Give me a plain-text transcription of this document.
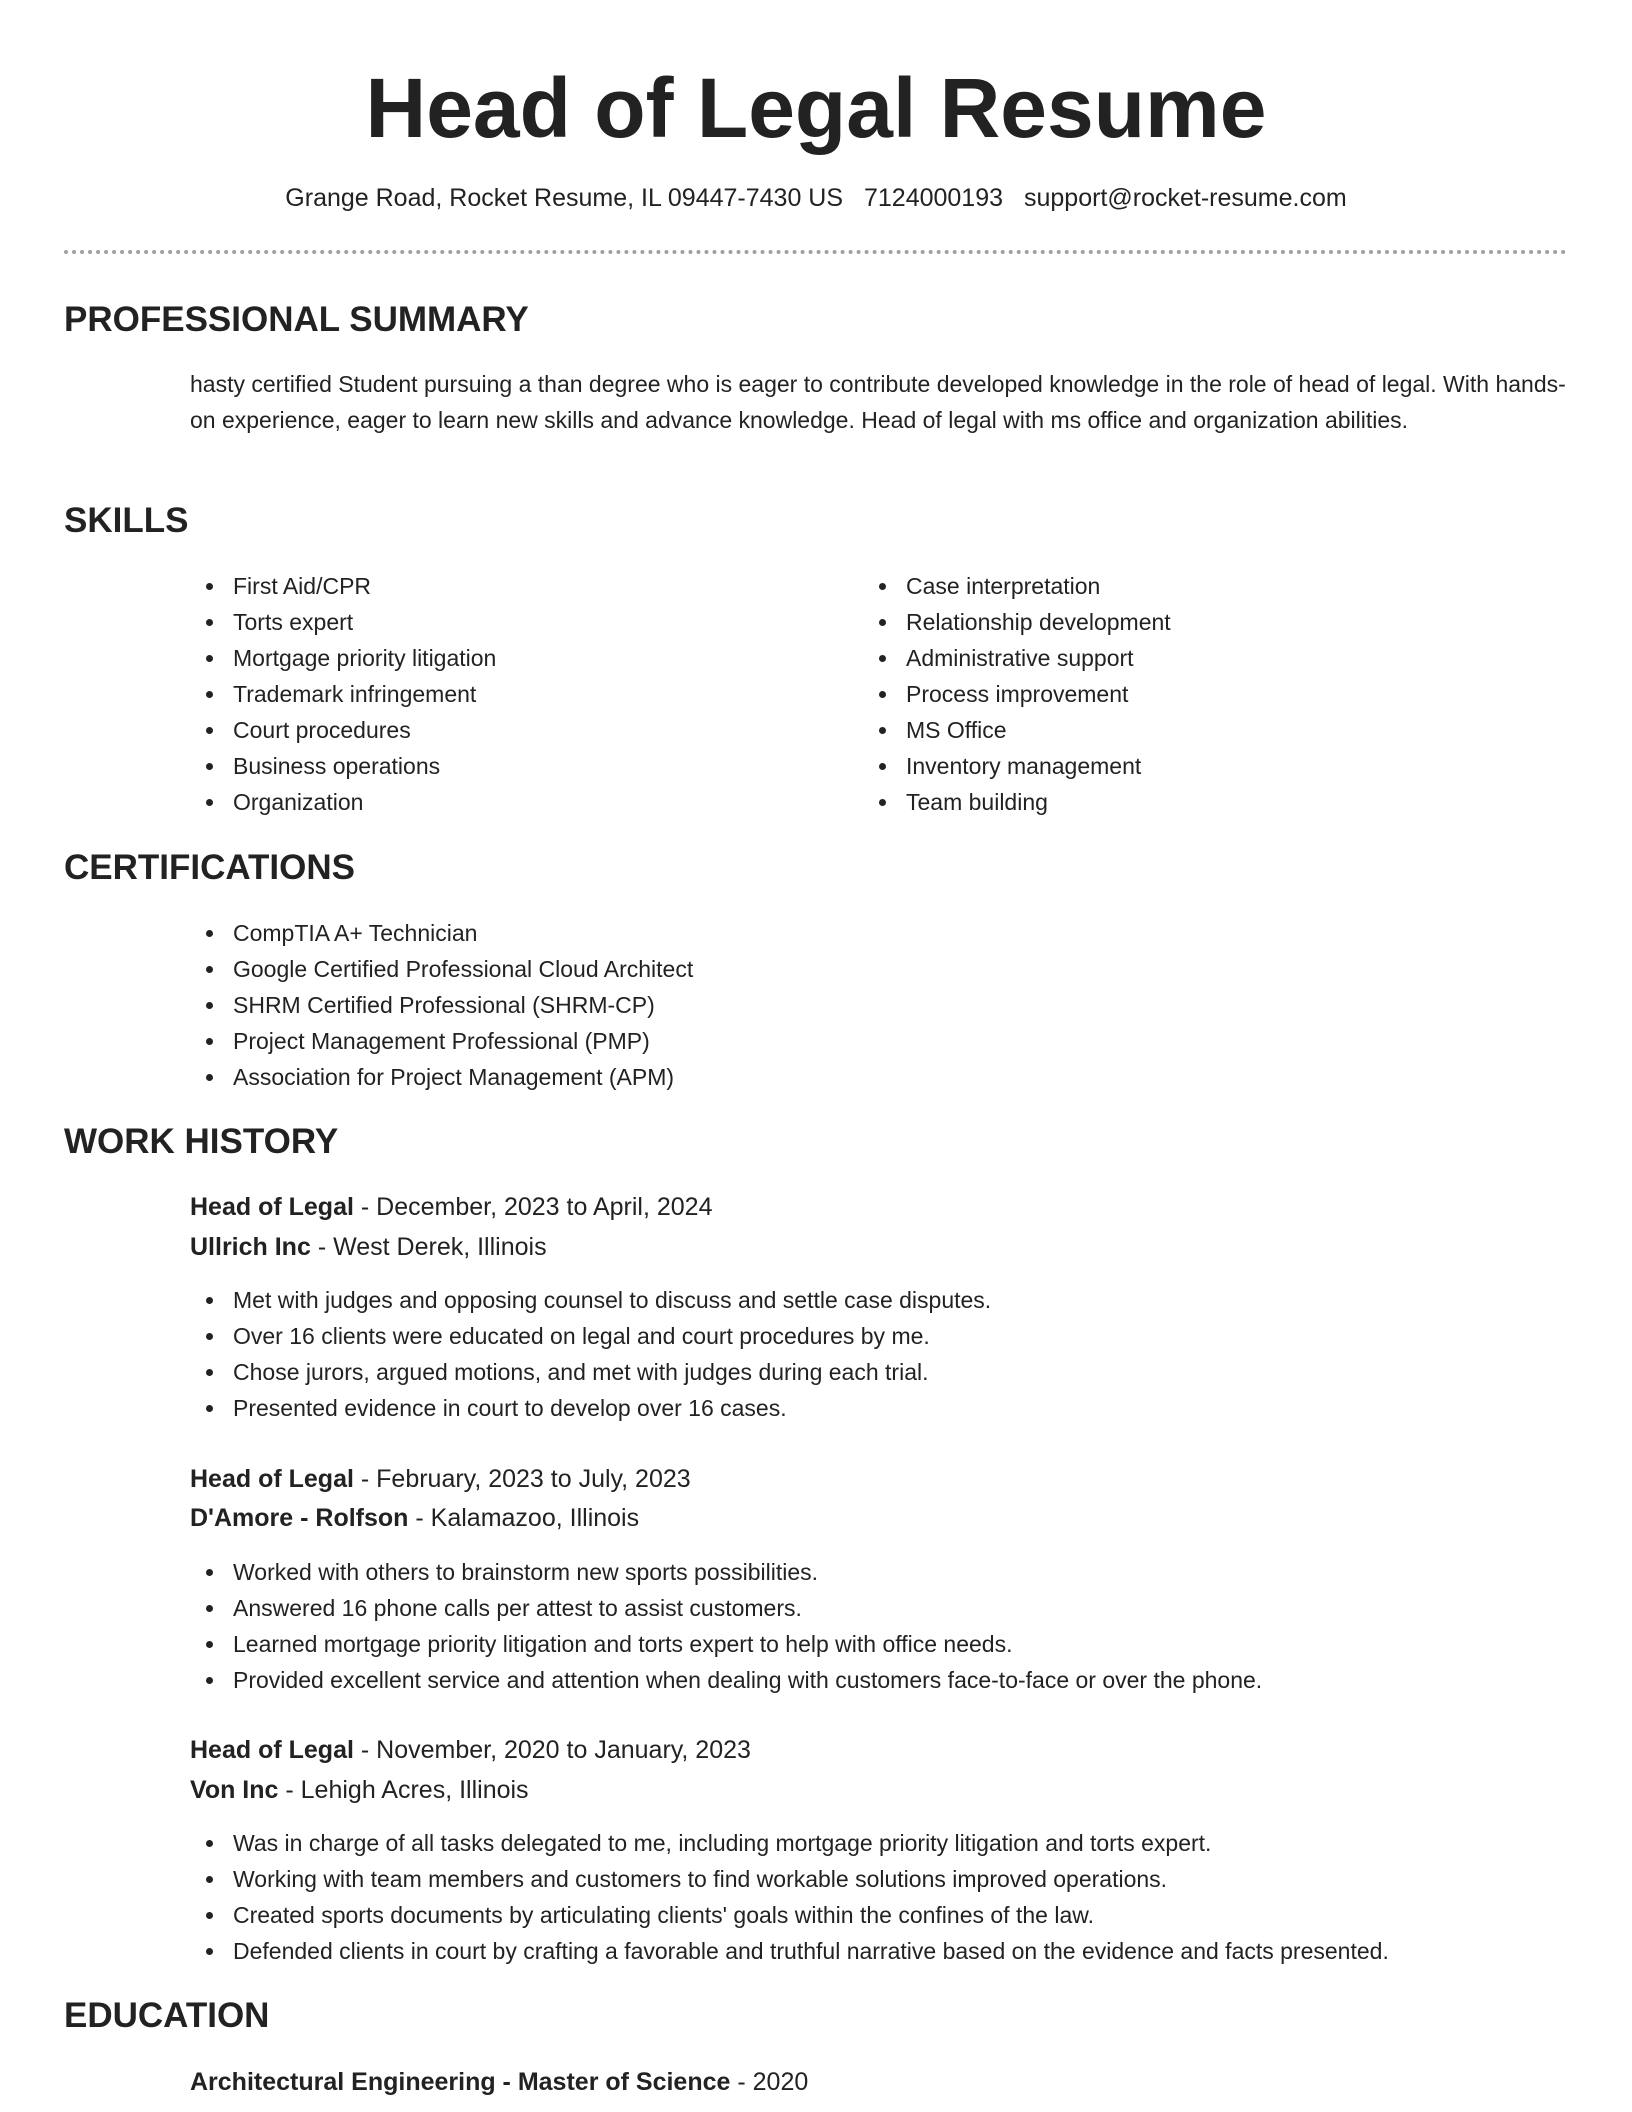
Head of Legal Resume
Grange Road, Rocket Resume, IL 09447-7430 US 7124000193 support@rocket-resume.com
PROFESSIONAL SUMMARY

hasty certified Student pursuing a than degree who is eager to contribute developed knowledge in the role of head of legal. With hands-on experience, eager to learn new skills and advance knowledge. Head of legal with ms office and organization abilities.

SKILLS
First Aid/CPR
Torts expert
Mortgage priority litigation
Trademark infringement
Court procedures
Business operations
Organization
Case interpretation
Relationship development
Administrative support
Process improvement
MS Office
Inventory management
Team building
CERTIFICATIONS
CompTIA A+ Technician
Google Certified Professional Cloud Architect
SHRM Certified Professional (SHRM-CP)
Project Management Professional (PMP)
Association for Project Management (APM)
WORK HISTORY
Head of Legal - December, 2023 to April, 2024
Ullrich Inc - West Derek, Illinois
Met with judges and opposing counsel to discuss and settle case disputes.
Over 16 clients were educated on legal and court procedures by me.
Chose jurors, argued motions, and met with judges during each trial.
Presented evidence in court to develop over 16 cases.
Head of Legal - February, 2023 to July, 2023
D'Amore - Rolfson - Kalamazoo, Illinois
Worked with others to brainstorm new sports possibilities.
Answered 16 phone calls per attest to assist customers.
Learned mortgage priority litigation and torts expert to help with office needs.
Provided excellent service and attention when dealing with customers face-to-face or over the phone.
Head of Legal - November, 2020 to January, 2023
Von Inc - Lehigh Acres, Illinois
Was in charge of all tasks delegated to me, including mortgage priority litigation and torts expert.
Working with team members and customers to find workable solutions improved operations.
Created sports documents by articulating clients' goals within the confines of the law.
Defended clients in court by crafting a favorable and truthful narrative based on the evidence and facts presented.
EDUCATION
Architectural Engineering - Master of Science - 2020
